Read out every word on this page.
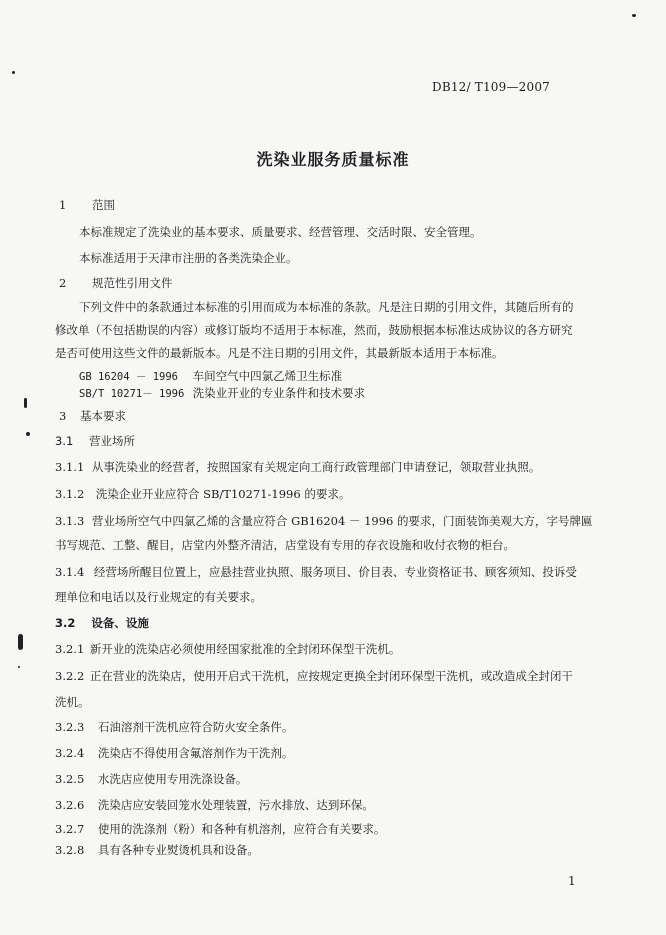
DB12/ T109—2007
洗染业服务质量标准
1 范围
本标准规定了洗染业的基本要求、质量要求、经营管理、交活时限、安全管理。
本标准适用于天津市注册的各类洗染企业。
2 规范性引用文件
下列文件中的条款通过本标准的引用而成为本标准的条款。凡是注日期的引用文件，其随后所有的
修改单（不包括勘误的内容）或修订版均不适用于本标准，然而，鼓励根据本标准达成协议的各方研究
是否可使用这些文件的最新版本。凡是不注日期的引用文件，其最新版本适用于本标准。
GB 16204 － 1996 车间空气中四氯乙烯卫生标准
SB/T 10271－ 1996 洗染业开业的专业条件和技术要求
3 基本要求
3.1 营业场所
3.1.1 从事洗染业的经营者，按照国家有关规定向工商行政管理部门申请登记，领取营业执照。
3.1.2 洗染企业开业应符合 SB/T10271-1996 的要求。
3.1.3 营业场所空气中四氯乙烯的含量应符合 GB16204 － 1996 的要求，门面装饰美观大方，字号牌匾
书写规范、工整、醒目，店堂内外整齐清洁，店堂设有专用的存衣设施和收付衣物的柜台。
3.1.4 经营场所醒目位置上，应悬挂营业执照、服务项目、价目表、专业资格证书、顾客须知、投诉受
理单位和电话以及行业规定的有关要求。
3.2 设备、设施
3.2.1 新开业的洗染店必须使用经国家批准的全封闭环保型干洗机。
3.2.2 正在营业的洗染店，使用开启式干洗机，应按规定更换全封闭环保型干洗机，或改造成全封闭干
洗机。
3.2.3 石油溶剂干洗机应符合防火安全条件。
3.2.4 洗染店不得使用含氟溶剂作为干洗剂。
3.2.5 水洗店应使用专用洗涤设备。
3.2.6 洗染店应安装回笼水处理装置，污水排放、达到环保。
3.2.7 使用的洗涤剂（粉）和各种有机溶剂，应符合有关要求。
3.2.8 具有各种专业熨烫机具和设备。
1
